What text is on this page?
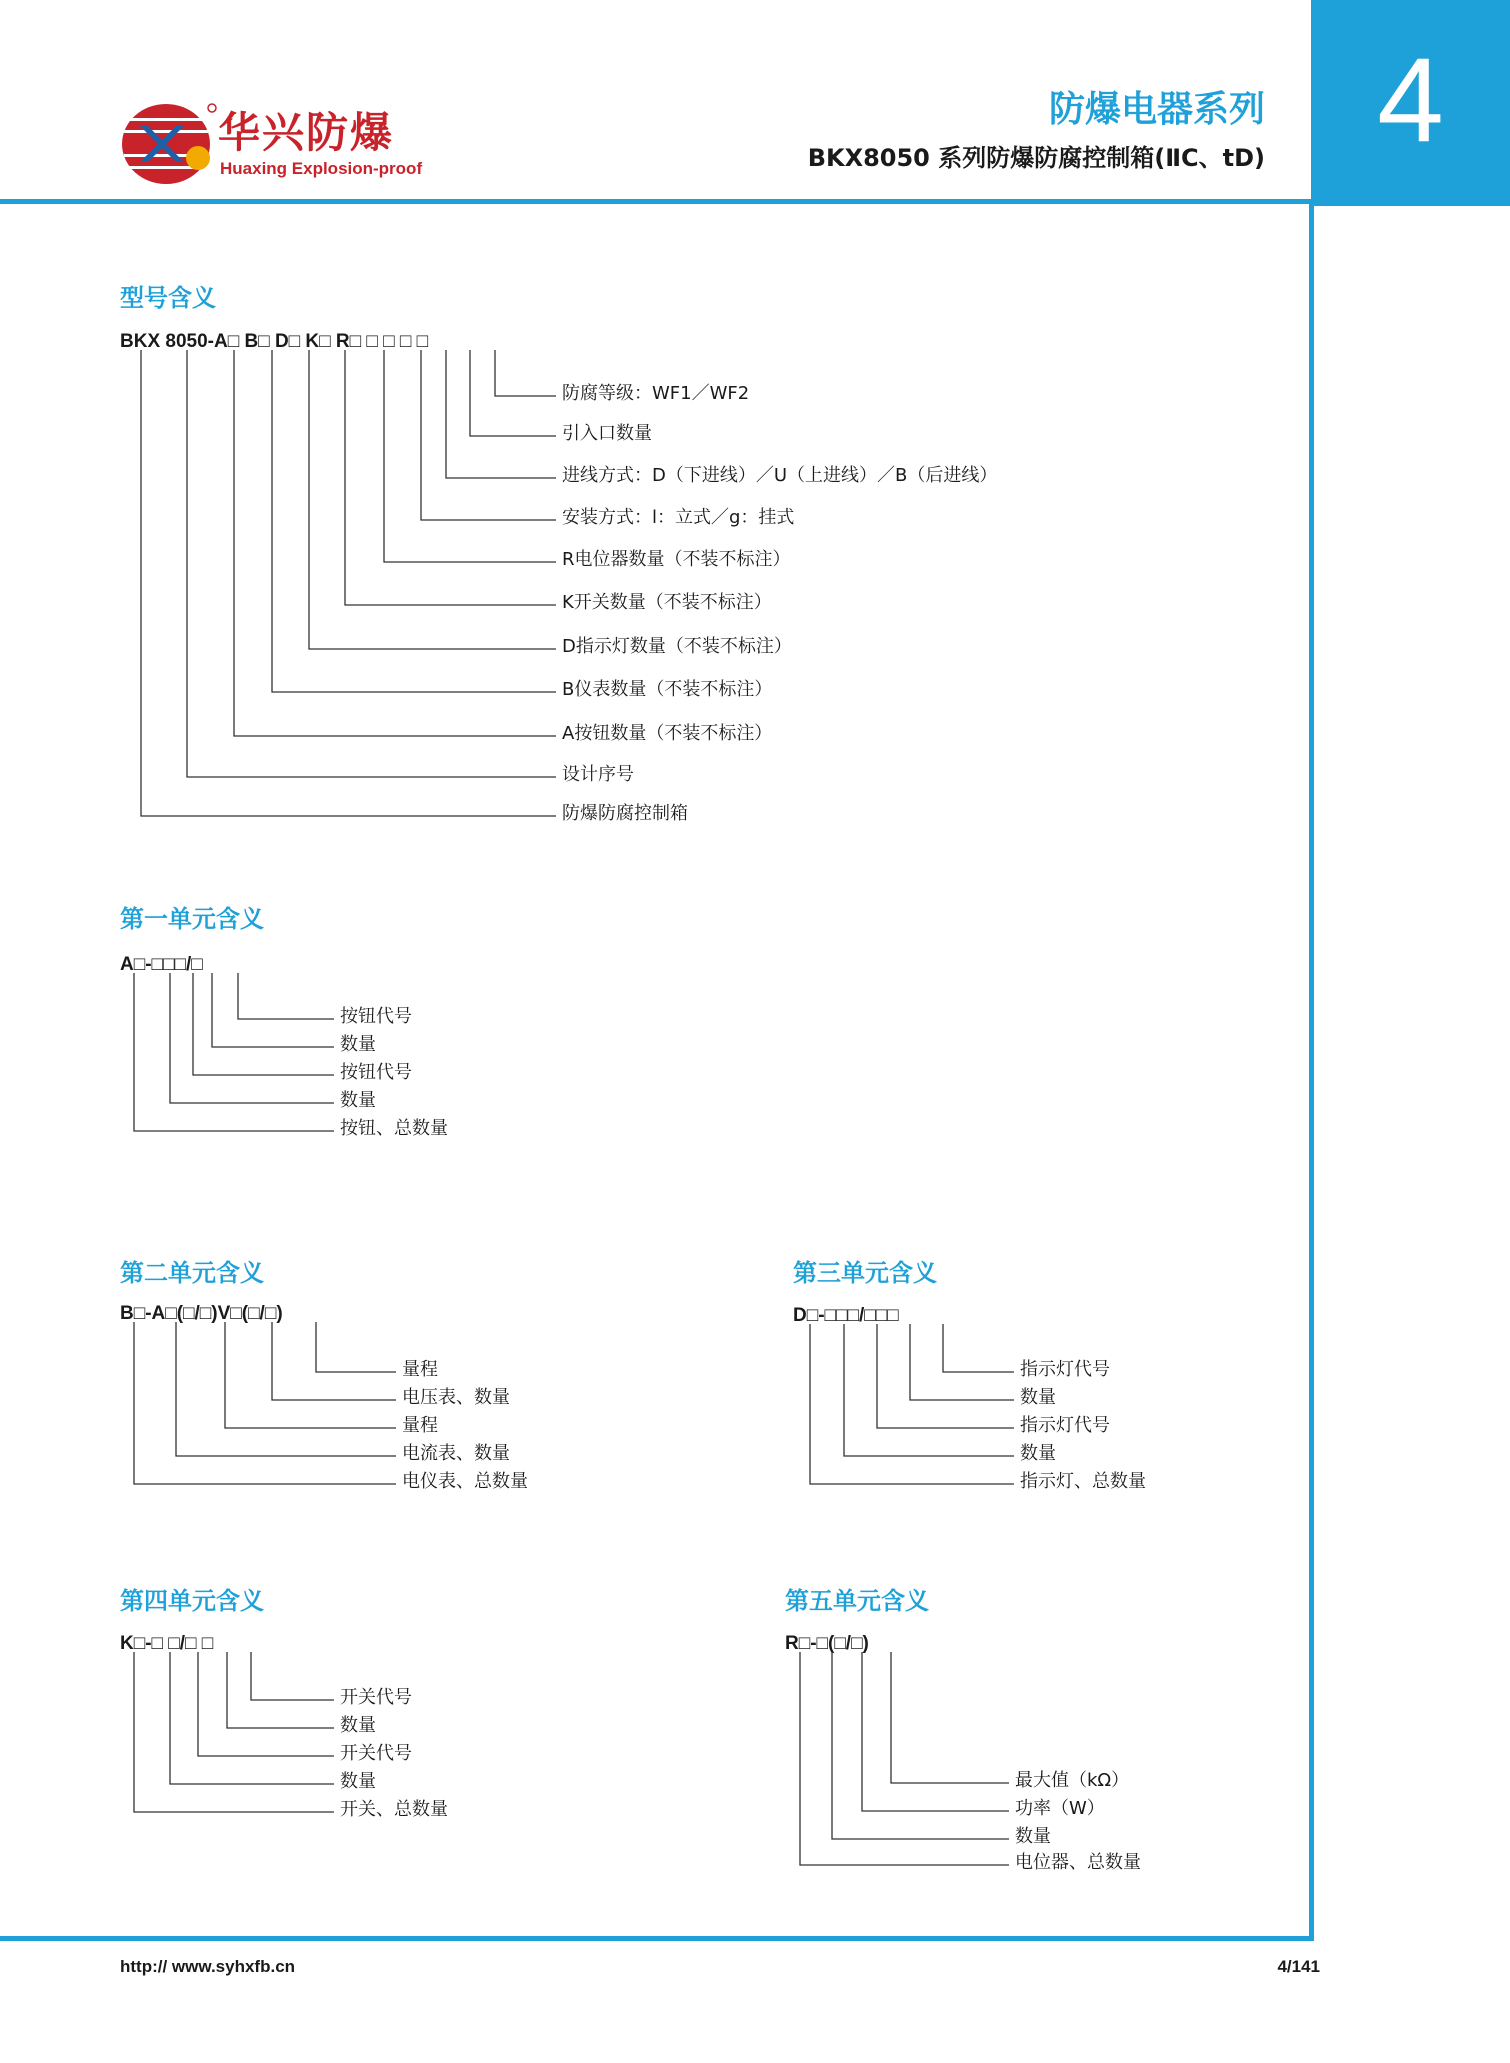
4
华兴防爆
Huaxing Explosion-proof
防爆电器系列
BKX8050 系列防爆防腐控制箱(ⅡC、tD)
型号含义
BKX 8050-A□ B□ D□ K□ R□ □ □ □ □
防腐等级：WF1／WF2
引入口数量
进线方式：D（下进线）／U（上进线）／B（后进线）
安装方式：l：立式／g：挂式
R电位器数量（不装不标注）
K开关数量（不装不标注）
D指示灯数量（不装不标注）
B仪表数量（不装不标注）
A按钮数量（不装不标注）
设计序号
防爆防腐控制箱
第一单元含义
A□-□□□/□
按钮代号
数量
按钮代号
数量
按钮、总数量
第二单元含义
B□-A□(□/□)V□(□/□)
量程
电压表、数量
量程
电流表、数量
电仪表、总数量
第三单元含义
D□-□□□/□□□
指示灯代号
数量
指示灯代号
数量
指示灯、总数量
第四单元含义
K□-□ □/□ □
开关代号
数量
开关代号
数量
开关、总数量
第五单元含义
R□-□(□/□)
最大值（kΩ）
功率（W）
数量
电位器、总数量
http:// www.syhxfb.cn	4/141
